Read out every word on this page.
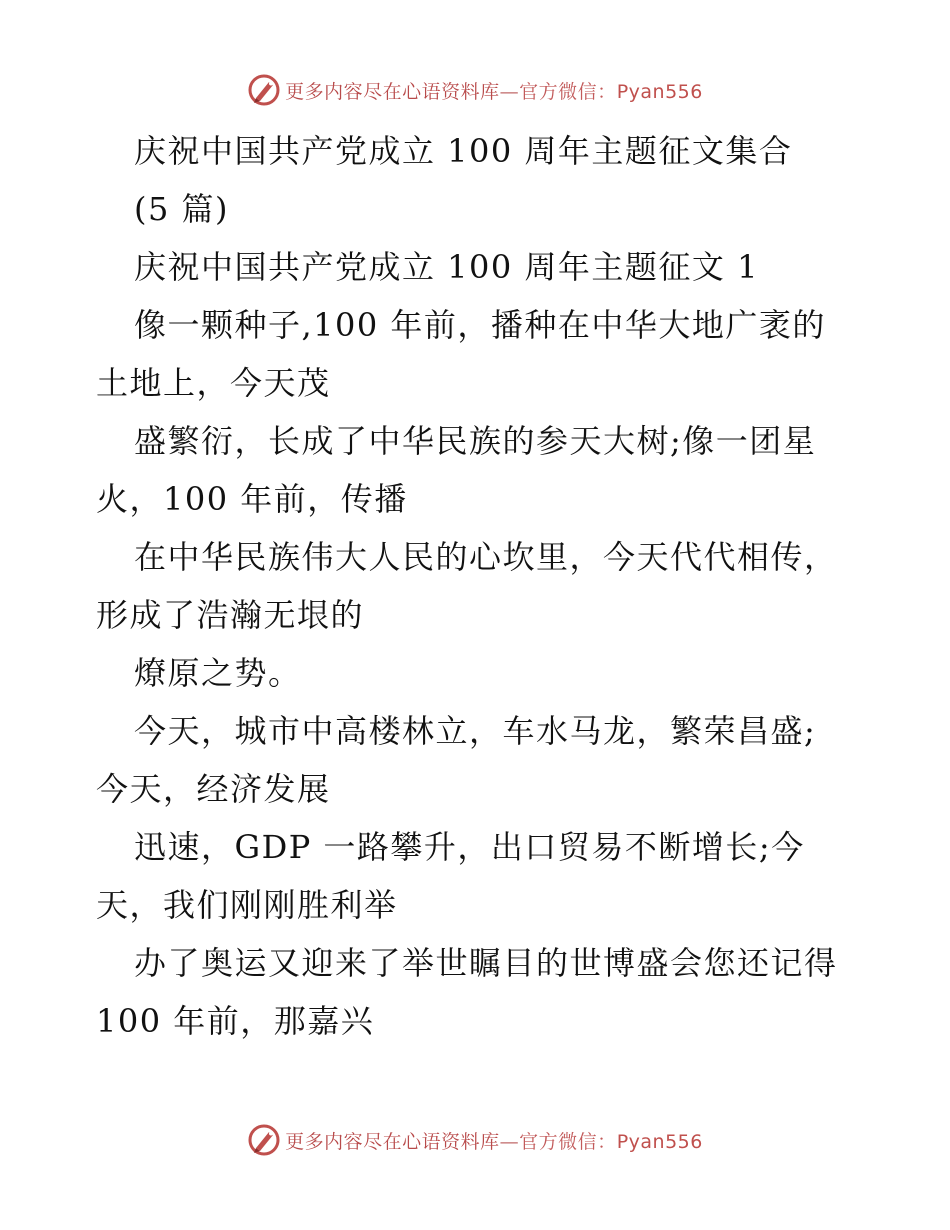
更多内容尽在心语资料库—官方微信：Pyan556
庆祝中国共产党成立 100 周年主题征文集合
(5 篇)
庆祝中国共产党成立 100 周年主题征文 1
像一颗种子,100 年前，播种在中华大地广袤的
土地上，今天茂
盛繁衍，长成了中华民族的参天大树;像一团星
火，100 年前，传播
在中华民族伟大人民的心坎里，今天代代相传，
形成了浩瀚无垠的
燎原之势。
今天，城市中高楼林立，车水马龙，繁荣昌盛;
今天，经济发展
迅速，GDP 一路攀升，出口贸易不断增长;今
天，我们刚刚胜利举
办了奥运又迎来了举世瞩目的世博盛会您还记得
100 年前，那嘉兴
更多内容尽在心语资料库—官方微信：Pyan556
